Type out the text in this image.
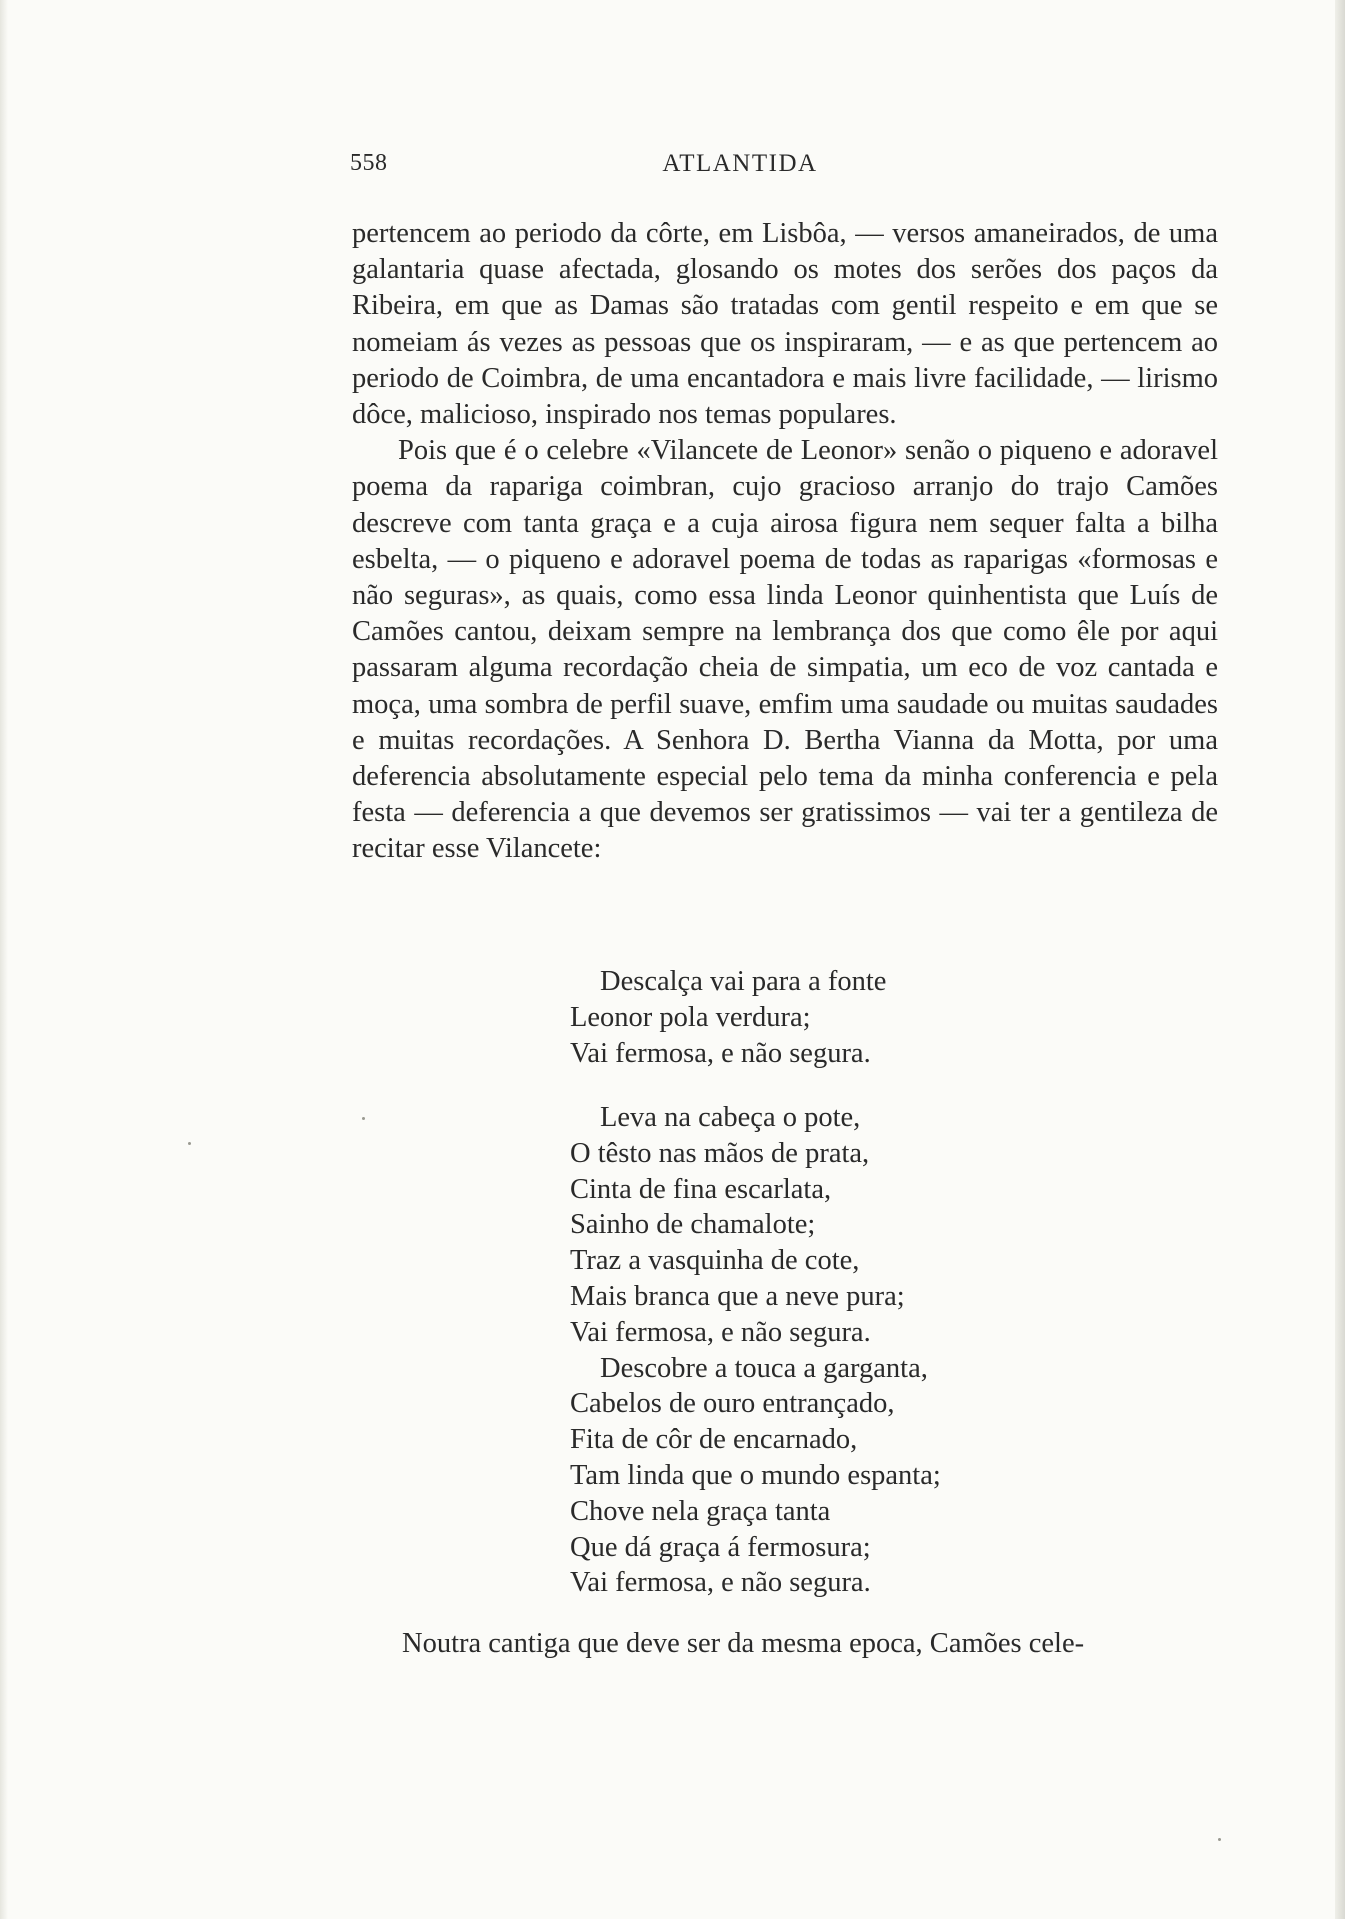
558	ATLANTIDA

pertencem ao periodo da côrte, em Lisbôa, — versos amaneirados, de uma galantaria quase afectada, glosando os motes dos serões dos paços da Ribeira, em que as Damas são tratadas com gentil respeito e em que se nomeiam ás vezes as pessoas que os inspiraram, — e as que pertencem ao periodo de Coimbra, de uma encantadora e mais livre facilidade, — lirismo dôce, malicioso, inspirado nos temas populares.

Pois que é o celebre «Vilancete de Leonor» senão o piqueno e adoravel poema da rapariga coimbran, cujo gracioso arranjo do trajo Camões descreve com tanta graça e a cuja airosa figura nem sequer falta a bilha esbelta, — o piqueno e adoravel poema de todas as raparigas «formosas e não seguras», as quais, como essa linda Leonor quinhentista que Luís de Camões cantou, deixam sempre na lembrança dos que como êle por aqui passaram alguma recordação cheia de simpatia, um eco de voz cantada e moça, uma sombra de perfil suave, emfim uma saudade ou muitas saudades e muitas recordações. A Senhora D. Bertha Vianna da Motta, por uma deferencia absolutamente especial pelo tema da minha conferencia e pela festa — deferencia a que devemos ser gratissimos — vai ter a gentileza de recitar esse Vilancete:

Descalça vai para a fonte
Leonor pola verdura;
Vai fermosa, e não segura.
Leva na cabeça o pote,
O têsto nas mãos de prata,
Cinta de fina escarlata,
Sainho de chamalote;
Traz a vasquinha de cote,
Mais branca que a neve pura;
Vai fermosa, e não segura.
Descobre a touca a garganta,
Cabelos de ouro entrançado,
Fita de côr de encarnado,
Tam linda que o mundo espanta;
Chove nela graça tanta
Que dá graça á fermosura;
Vai fermosa, e não segura.
Noutra cantiga que deve ser da mesma epoca, Camões cele-
